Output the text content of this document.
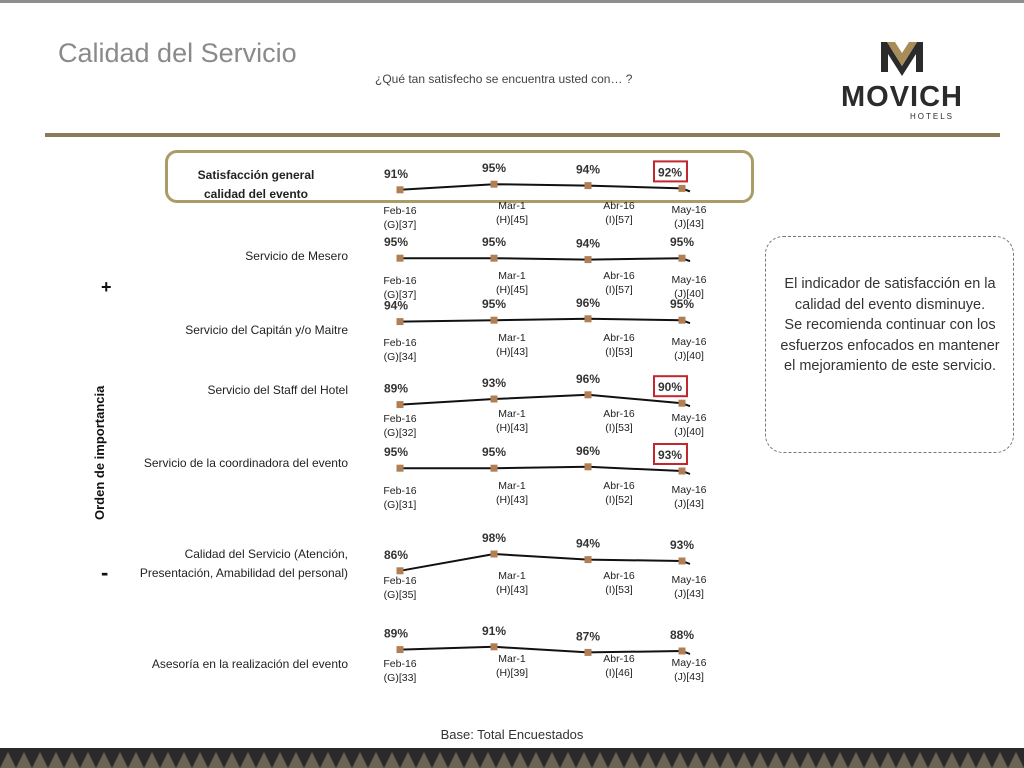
Calidad del Servicio
¿Qué tan satisfecho se encuentra usted con… ?
MOVICH
HOTELS
+
-
Orden de importancia
Satisfacción general
calidad del evento
Servicio de Mesero
Servicio del Capitán y/o Maitre
Servicio del Staff del Hotel
Servicio de la coordinadora del evento
Calidad del Servicio (Atención,
Presentación, Amabilidad del personal)
Asesoría en la realización del evento
91%
Feb-16
(G)[37]
95%
Mar-1
(H)[45]
94%
Abr-16
(I)[57]
92%
May-16
(J)[43]
95%
Feb-16
(G)[37]
95%
Mar-1
(H)[45]
94%
Abr-16
(I)[57]
95%
May-16
(J)[40]
94%
Feb-16
(G)[34]
95%
Mar-1
(H)[43]
96%
Abr-16
(I)[53]
95%
May-16
(J)[40]
89%
Feb-16
(G)[32]
93%
Mar-1
(H)[43]
96%
Abr-16
(I)[53]
90%
May-16
(J)[40]
95%
Feb-16
(G)[31]
95%
Mar-1
(H)[43]
96%
Abr-16
(I)[52]
93%
May-16
(J)[43]
86%
Feb-16
(G)[35]
98%
Mar-1
(H)[43]
94%
Abr-16
(I)[53]
93%
May-16
(J)[43]
89%
Feb-16
(G)[33]
91%
Mar-1
(H)[39]
87%
Abr-16
(I)[46]
88%
May-16
(J)[43]
El indicador de satisfacción en la calidad del evento disminuye.
Se recomienda continuar con los esfuerzos enfocados en mantener el mejoramiento de este servicio.
Base: Total Encuestados
